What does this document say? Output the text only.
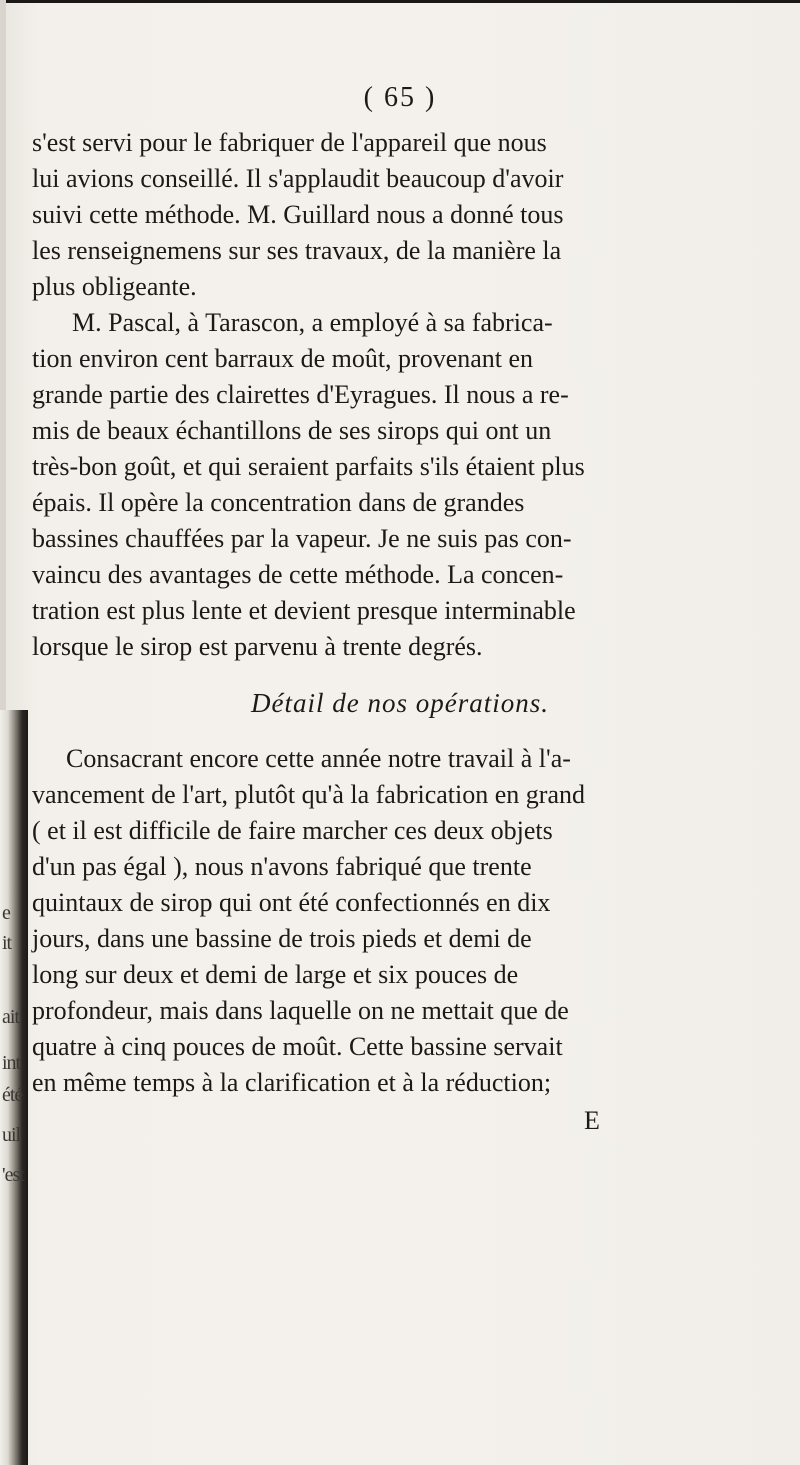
e
it
ait
int
été
uil
'est
( 65 )
s'est servi pour le fabriquer de l'appareil que nous
lui avions conseillé. Il s'applaudit beaucoup d'avoir
suivi cette méthode. M. Guillard nous a donné tous
les renseignemens sur ses travaux, de la manière la
plus obligeante.
M. Pascal, à Tarascon, a employé à sa fabrica-
tion environ cent barraux de moût, provenant en
grande partie des clairettes d'Eyragues. Il nous a re-
mis de beaux échantillons de ses sirops qui ont un
très-bon goût, et qui seraient parfaits s'ils étaient plus
épais. Il opère la concentration dans de grandes
bassines chauffées par la vapeur. Je ne suis pas con-
vaincu des avantages de cette méthode. La concen-
tration est plus lente et devient presque interminable
lorsque le sirop est parvenu à trente degrés.
Détail de nos opérations.
Consacrant encore cette année notre travail à l'a-
vancement de l'art, plutôt qu'à la fabrication en grand
( et il est difficile de faire marcher ces deux objets
d'un pas égal ), nous n'avons fabriqué que trente
quintaux de sirop qui ont été confectionnés en dix
jours, dans une bassine de trois pieds et demi de
long sur deux et demi de large et six pouces de
profondeur, mais dans laquelle on ne mettait que de
quatre à cinq pouces de moût. Cette bassine servait
en même temps à la clarification et à la réduction;
E
